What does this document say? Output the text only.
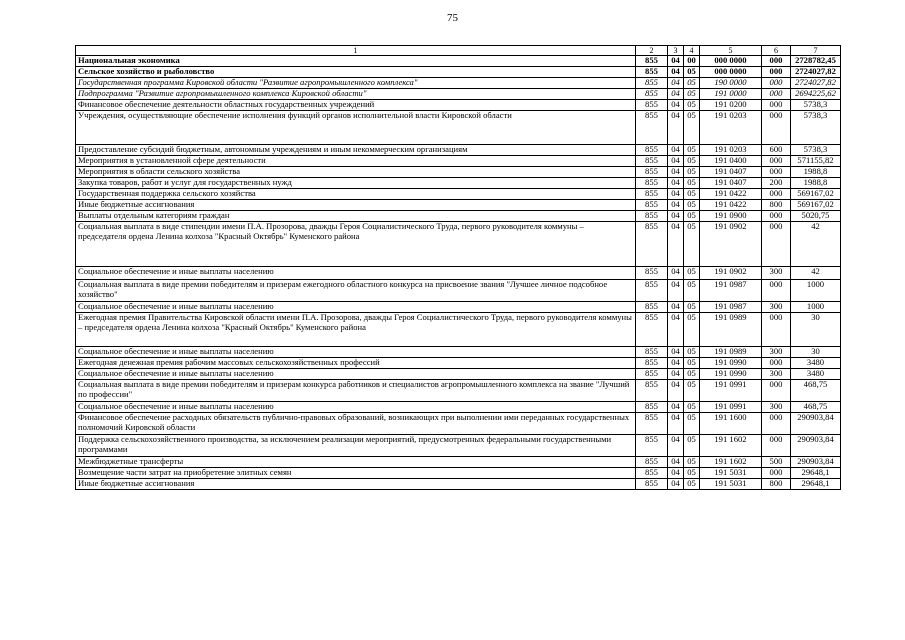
75
1	2	3	4	5	6	7
Национальная экономика	855	04	00	000 0000	000	2728782,45
Сельское хозяйство и рыболовство	855	04	05	000 0000	000	2724027,82
Государственная программа Кировской области "Развитие агропромышленного комплекса"	855	04	05	190 0000	000	2724027,82
Подпрограмма "Развитие агропромышленного комплекса Кировской области"	855	04	05	191 0000	000	2694225,62
Финансовое обеспечение деятельности областных государственных учреждений	855	04	05	191 0200	000	5738,3
Учреждения, осуществляющие обеспечение исполнения функций органов исполнительной власти Кировской области	855	04	05	191 0203	000	5738,3
Предоставление субсидий бюджетным, автономным учреждениям и иным некоммерческим организациям	855	04	05	191 0203	600	5738,3
Мероприятия в установленной сфере деятельности	855	04	05	191 0400	000	571155,82
Мероприятия в области сельского хозяйства	855	04	05	191 0407	000	1988,8
Закупка товаров, работ и услуг для государственных нужд	855	04	05	191 0407	200	1988,8
Государственная поддержка сельского хозяйства	855	04	05	191 0422	000	569167,02
Иные бюджетные ассигнования	855	04	05	191 0422	800	569167,02
Выплаты отдельным категориям граждан	855	04	05	191 0900	000	5020,75
Социальная выплата в виде стипендии имени П.А. Прозорова, дважды Героя Социалистического Труда, первого руководителя коммуны – председателя ордена Ленина колхоза "Красный Октябрь" Куменского района	855	04	05	191 0902	000	42
Социальное обеспечение и иные выплаты населению	855	04	05	191 0902	300	42
Социальная выплата в виде премии победителям и призерам ежегодного областного конкурса на присвоение звания "Лучшее личное подсобное хозяйство"	855	04	05	191 0987	000	1000
Социальное обеспечение и иные выплаты населению	855	04	05	191 0987	300	1000
Ежегодная премия Правительства Кировской области имени П.А. Прозорова, дважды Героя Социалистического Труда, первого руководителя коммуны – председателя ордена Ленина колхоза "Красный Октябрь" Куменского района	855	04	05	191 0989	000	30
Социальное обеспечение и иные выплаты населению	855	04	05	191 0989	300	30
Ежегодная денежная премия рабочим массовых сельскохозяйственных профессий	855	04	05	191 0990	000	3480
Социальное обеспечение и иные выплаты населению	855	04	05	191 0990	300	3480
Социальная выплата в виде премии победителям и призерам конкурса работников и специалистов агропромышленного комплекса на звание "Лучший по профессии"	855	04	05	191 0991	000	468,75
Социальное обеспечение и иные выплаты населению	855	04	05	191 0991	300	468,75
Финансовое обеспечение расходных обязательств публично-правовых образований, возникающих при выполнении ими переданных государственных полномочий Кировской области	855	04	05	191 1600	000	290903,84
Поддержка сельскохозяйственного производства, за исключением реализации мероприятий, предусмотренных федеральными государственными программами	855	04	05	191 1602	000	290903,84
Межбюджетные трансферты	855	04	05	191 1602	500	290903,84
Возмещение части затрат на приобретение элитных семян	855	04	05	191 5031	000	29648,1
Иные бюджетные ассигнования	855	04	05	191 5031	800	29648,1
